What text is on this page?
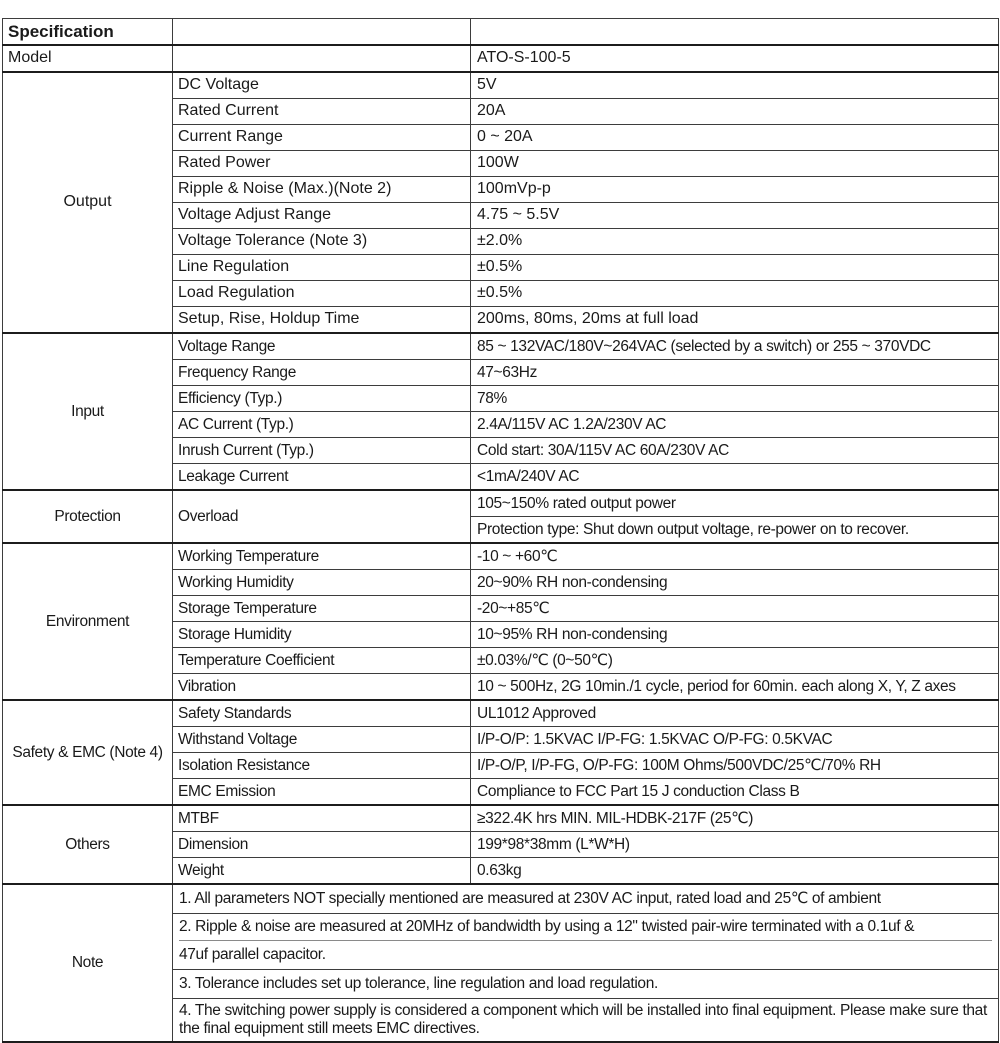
Specification		
Model		ATO-S-100-5
Output	DC Voltage	5V
	Rated Current	20A
	Current Range	0 ~ 20A
	Rated Power	100W
	Ripple & Noise (Max.)(Note 2)	100mVp-p
	Voltage Adjust Range	4.75 ~ 5.5V
	Voltage Tolerance (Note 3)	±2.0%
	Line Regulation	±0.5%
	Load Regulation	±0.5%
	Setup, Rise, Holdup Time	200ms, 80ms, 20ms at full load
Input	Voltage Range	85 ~ 132VAC/180V~264VAC (selected by a switch) or 255 ~ 370VDC
	Frequency Range	47~63Hz
	Efficiency (Typ.)	78%
	AC Current (Typ.)	2.4A/115V AC 1.2A/230V AC
	Inrush Current (Typ.)	Cold start: 30A/115V AC 60A/230V AC
	Leakage Current	<1mA/240V AC
Protection	Overload	105~150% rated output power
		Protection type: Shut down output voltage, re-power on to recover.
Environment	Working Temperature	-10 ~ +60℃
	Working Humidity	20~90% RH non-condensing
	Storage Temperature	-20~+85℃
	Storage Humidity	10~95% RH non-condensing
	Temperature Coefficient	±0.03%/℃ (0~50℃)
	Vibration	10 ~ 500Hz, 2G 10min./1 cycle, period for 60min. each along X, Y, Z axes
Safety & EMC (Note 4)	Safety Standards	UL1012 Approved
	Withstand Voltage	I/P-O/P: 1.5KVAC I/P-FG: 1.5KVAC O/P-FG: 0.5KVAC
	Isolation Resistance	I/P-O/P, I/P-FG, O/P-FG: 100M Ohms/500VDC/25℃/70% RH
	EMC Emission	Compliance to FCC Part 15 J conduction Class B
Others	MTBF	≥322.4K hrs MIN. MIL-HDBK-217F (25℃)
	Dimension	199*98*38mm (L*W*H)
	Weight	0.63kg
Note	1. All parameters NOT specially mentioned are measured at 230V AC input, rated load and 25℃ of ambient	

	2. Ripple & noise are measured at 20MHz of bandwidth by using a 12" twisted pair-wire terminated with a 0.1uf &
47uf parallel capacitor.	

	3. Tolerance includes set up tolerance, line regulation and load regulation.	
	4. The switching power supply is considered a component which will be installed into final equipment. Please make sure that the final equipment still meets EMC directives.	
